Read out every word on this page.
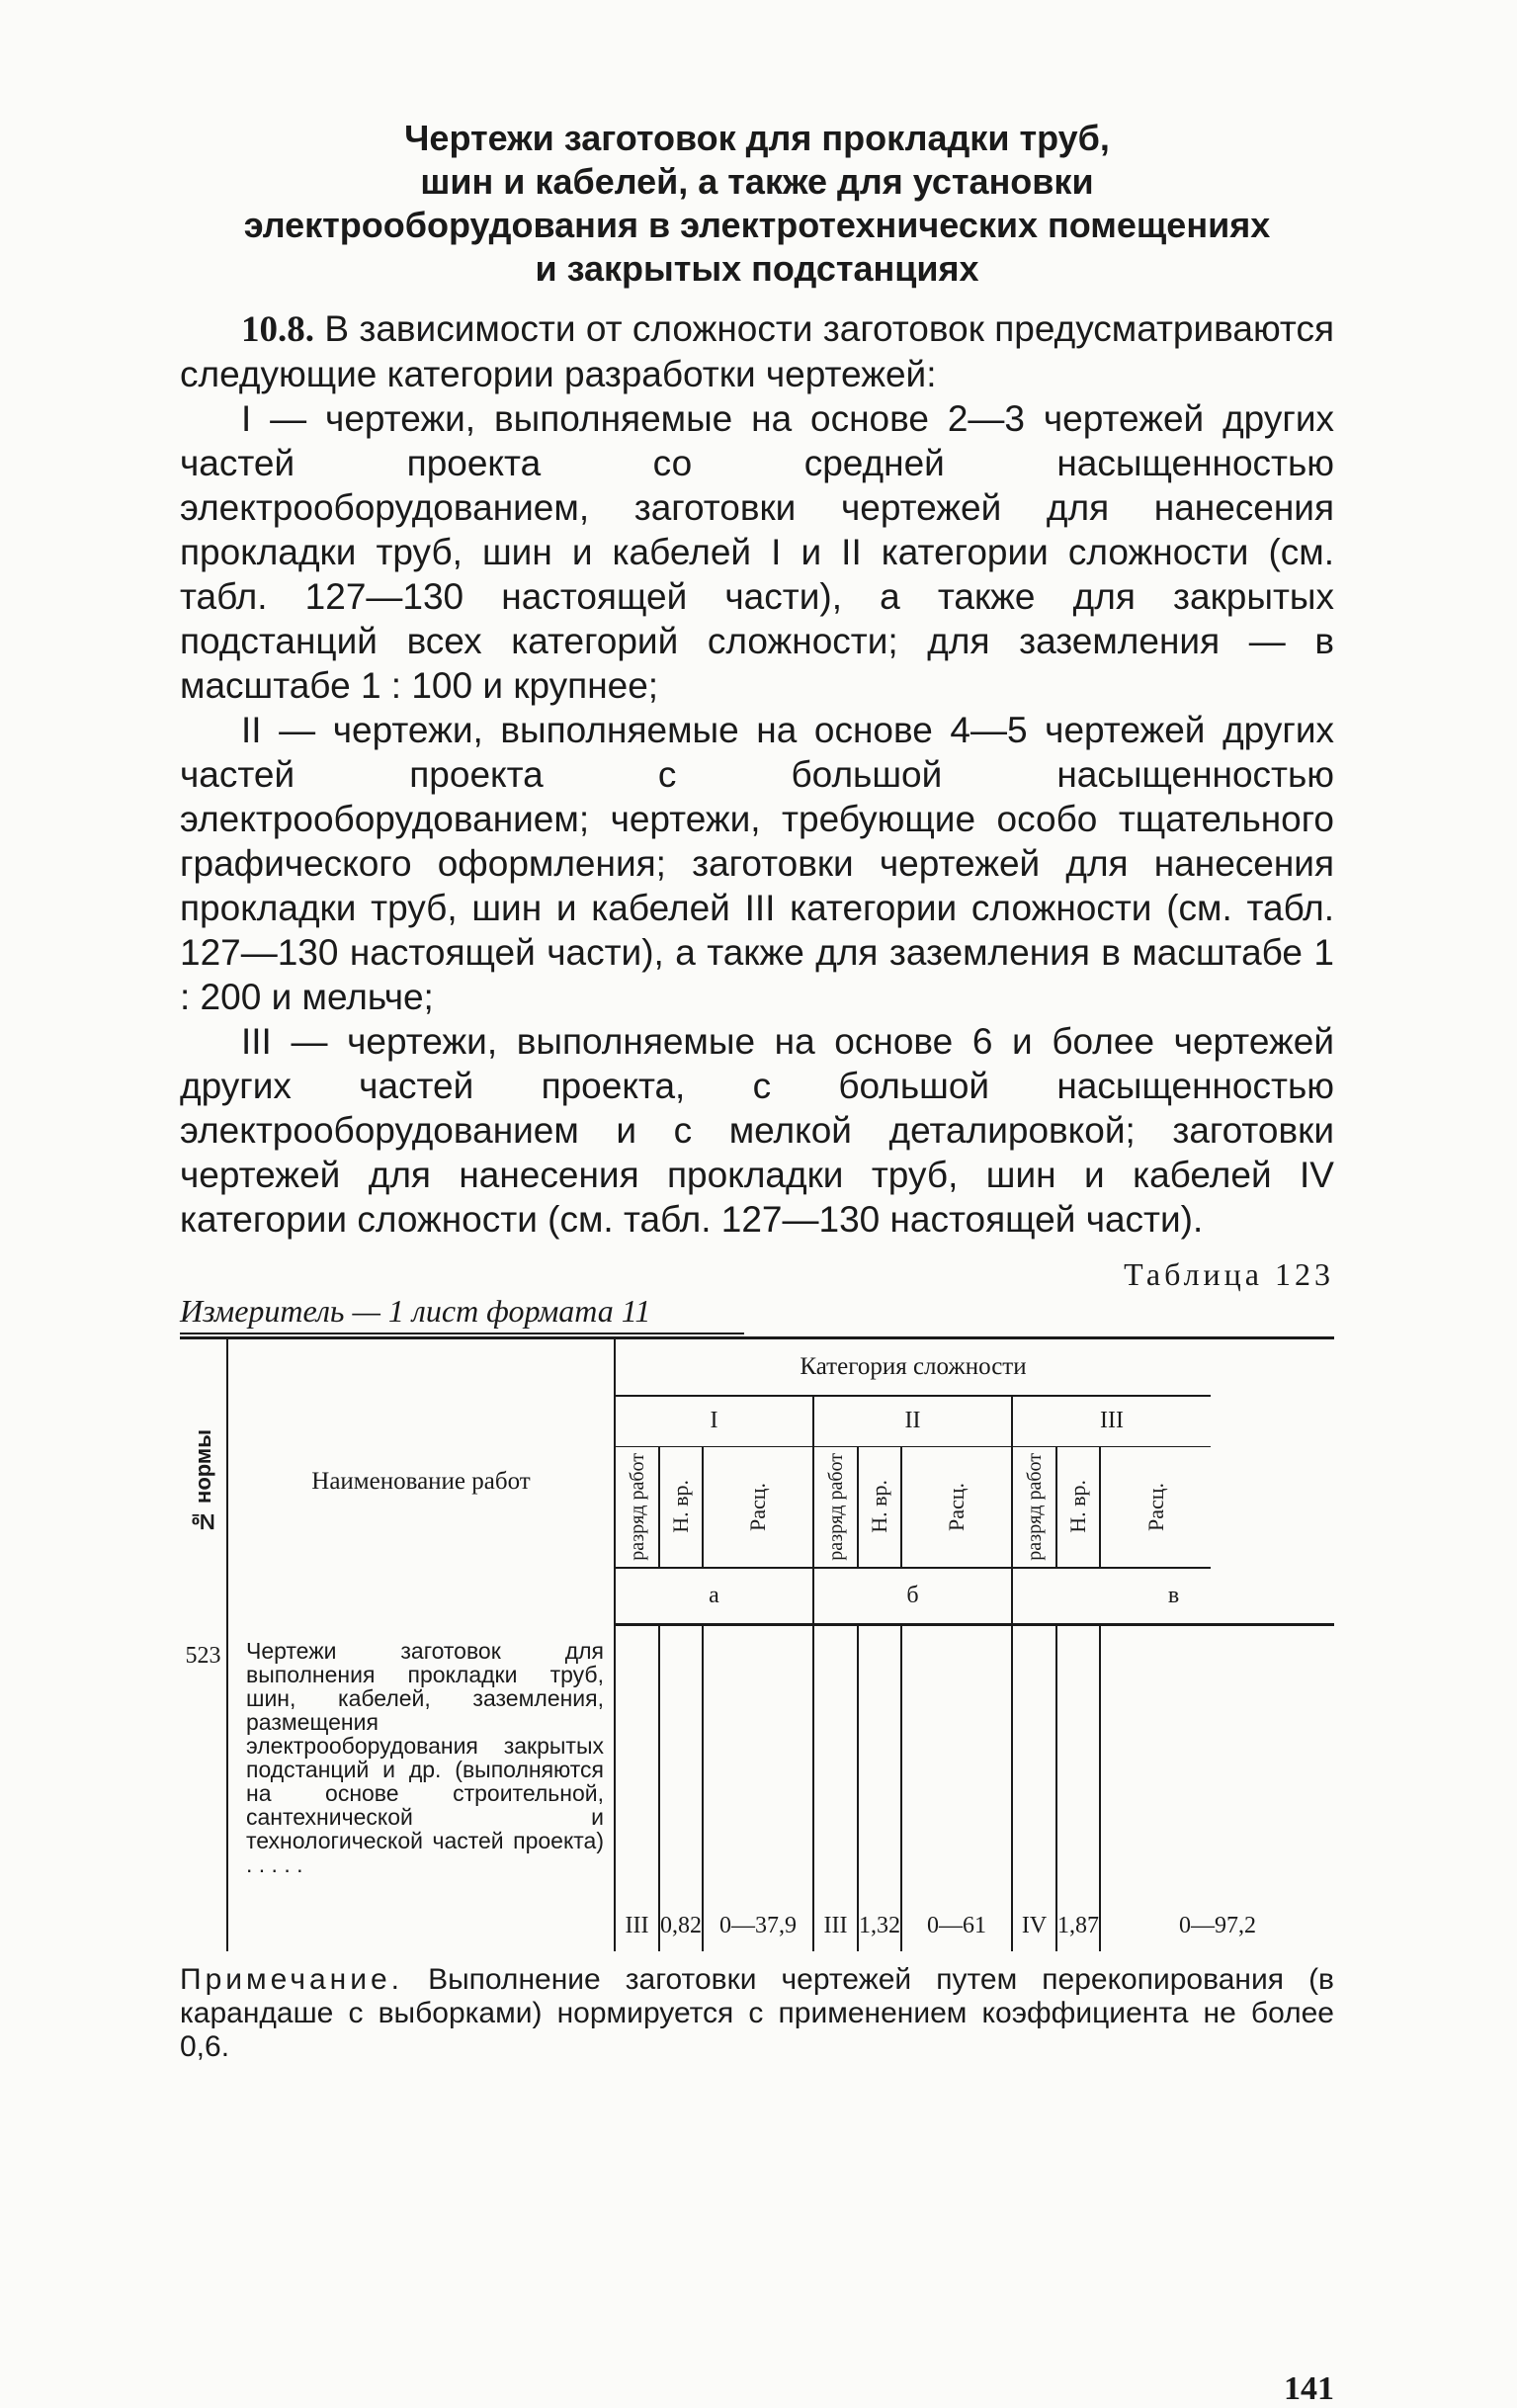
Чертежи заготовок для прокладки труб,
шин и кабелей, а также для установки
электрооборудования в электротехнических помещениях
и закрытых подстанциях

10.8. В зависимости от сложности заготовок предусматриваются следующие категории разработки чертежей:

I — чертежи, выполняемые на основе 2—3 чертежей других частей проекта со средней насыщенностью электрооборудованием, заготовки чертежей для нанесения прокладки труб, шин и кабелей I и II категории сложности (см. табл. 127—130 настоящей части), а также для закрытых подстанций всех категорий сложности; для заземления — в масштабе 1 : 100 и крупнее;

II — чертежи, выполняемые на основе 4—5 чертежей других частей проекта с большой насыщенностью электрооборудованием; чертежи, требующие особо тщательного графического оформления; заготовки чертежей для нанесения прокладки труб, шин и кабелей III категории сложности (см. табл. 127—130 настоящей части), а также для заземления в масштабе 1 : 200 и мельче;

III — чертежи, выполняемые на основе 6 и более чертежей других частей проекта, с большой насыщенностью электрооборудованием и с мелкой деталировкой; заготовки чертежей для нанесения прокладки труб, шин и кабелей IV категории сложности (см. табл. 127—130 настоящей части).

Таблица 123
Измеритель — 1 лист формата 11
№ нормы	Наименование работ	Категория сложности									
		I			II			III			

		разряд работ	Н. вр.	Расц.	разряд работ	Н. вр.	Расц.	разряд работ	Н. вр.	Расц.	

		а			б			в			
523	Чертежи заготовок для выполнения прокладки труб, шин, кабелей, заземления, размещения электрооборудования закрытых подстанций и др. (выполняются на основе строительной, сантехнической и технологической частей проекта) . . . . .	III	0,82	0—37,9	III	1,32	0—61	IV	1,87	0—97,2	
Примечание. Выполнение заготовки чертежей путем перекопирования (в карандаше с выборками) нормируется с применением коэффициента не более 0,6.
141
